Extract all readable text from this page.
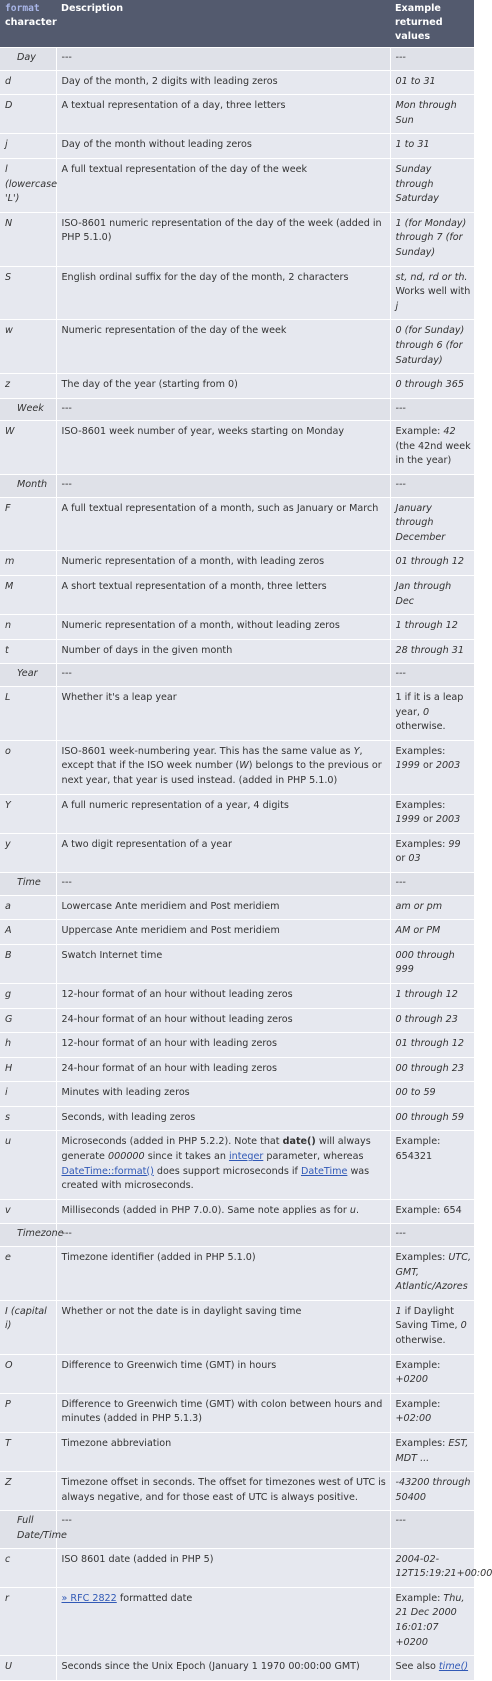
format
character	Description	Example returned values
Day	---	---
d	Day of the month, 2 digits with leading zeros	01 to 31
D	A textual representation of a day, three letters	Mon through Sun
j	Day of the month without leading zeros	1 to 31
l (lowercase 'L')	A full textual representation of the day of the week	Sunday through Saturday
N	ISO-8601 numeric representation of the day of the week (added in PHP 5.1.0)	1 (for Monday) through 7 (for Sunday)
S	English ordinal suffix for the day of the month, 2 characters	st, nd, rd or th. Works well with j
w	Numeric representation of the day of the week	0 (for Sunday) through 6 (for Saturday)
z	The day of the year (starting from 0)	0 through 365
Week	---	---
W	ISO-8601 week number of year, weeks starting on Monday	Example: 42 (the 42nd week in the year)
Month	---	---
F	A full textual representation of a month, such as January or March	January through December
m	Numeric representation of a month, with leading zeros	01 through 12
M	A short textual representation of a month, three letters	Jan through Dec
n	Numeric representation of a month, without leading zeros	1 through 12
t	Number of days in the given month	28 through 31
Year	---	---
L	Whether it's a leap year	1 if it is a leap year, 0 otherwise.
o	ISO-8601 week-numbering year. This has the same value as Y, except that if the ISO week number (W) belongs to the previous or next year, that year is used instead. (added in PHP 5.1.0)	Examples: 1999 or 2003
Y	A full numeric representation of a year, 4 digits	Examples: 1999 or 2003
y	A two digit representation of a year	Examples: 99 or 03
Time	---	---
a	Lowercase Ante meridiem and Post meridiem	am or pm
A	Uppercase Ante meridiem and Post meridiem	AM or PM
B	Swatch Internet time	000 through 999
g	12-hour format of an hour without leading zeros	1 through 12
G	24-hour format of an hour without leading zeros	0 through 23
h	12-hour format of an hour with leading zeros	01 through 12
H	24-hour format of an hour with leading zeros	00 through 23
i	Minutes with leading zeros	00 to 59
s	Seconds, with leading zeros	00 through 59
u	Microseconds (added in PHP 5.2.2). Note that date() will always generate 000000 since it takes an integer parameter, whereas DateTime::format() does support microseconds if DateTime was created with microseconds.	Example: 654321
v	Milliseconds (added in PHP 7.0.0). Same note applies as for u.	Example: 654
Timezone	---	---
e	Timezone identifier (added in PHP 5.1.0)	Examples: UTC, GMT, Atlantic/Azores
I (capital i)	Whether or not the date is in daylight saving time	1 if Daylight Saving Time, 0 otherwise.
O	Difference to Greenwich time (GMT) in hours	Example: +0200
P	Difference to Greenwich time (GMT) with colon between hours and minutes (added in PHP 5.1.3)	Example: +02:00
T	Timezone abbreviation	Examples: EST, MDT ...
Z	Timezone offset in seconds. The offset for timezones west of UTC is always negative, and for those east of UTC is always positive.	-43200 through 50400
Full Date/Time	---	---
c	ISO 8601 date (added in PHP 5)	2004-02-12T15:19:21+00:00
r	» RFC 2822 formatted date	Example: Thu, 21 Dec 2000 16:01:07 +0200
U	Seconds since the Unix Epoch (January 1 1970 00:00:00 GMT)	See also time()
